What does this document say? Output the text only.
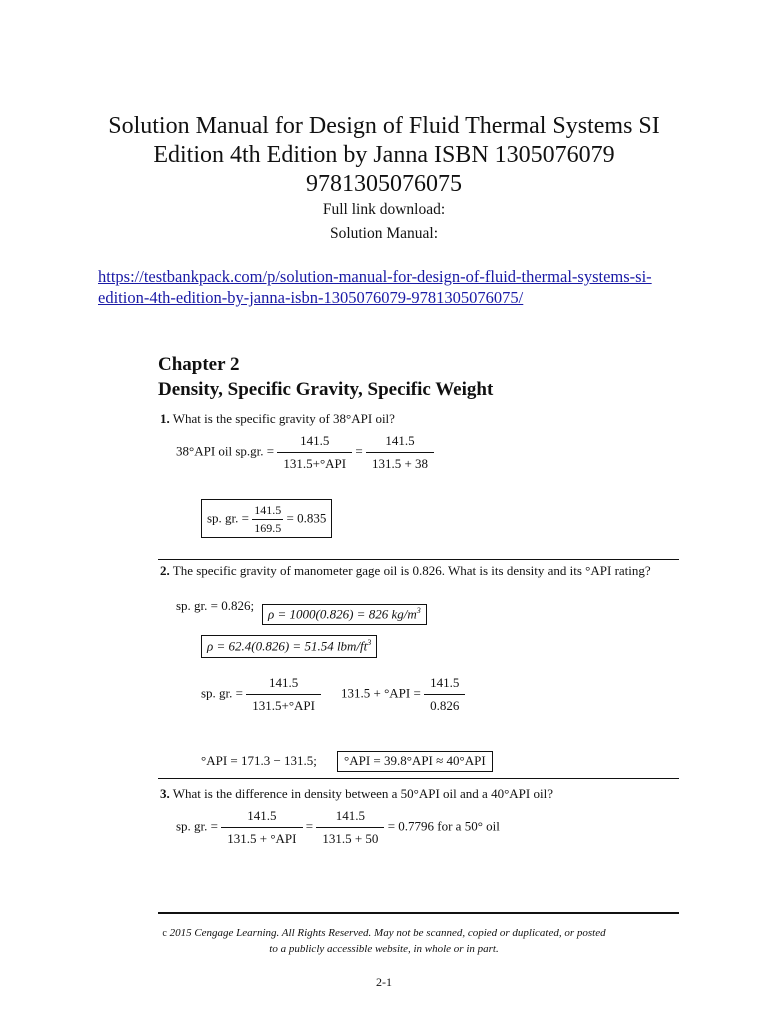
Solution Manual for Design of Fluid Thermal Systems SI
Edition 4th Edition by Janna ISBN 1305076079
9781305076075
Full link download:
Solution Manual:
https://testbankpack.com/p/solution-manual-for-design-of-fluid-thermal-systems-si-
edition-4th-edition-by-janna-isbn-1305076079-9781305076075/
Chapter 2
Density, Specific Gravity, Specific Weight
1. What is the specific gravity of 38°API oil?
38°API oil sp.gr. = $\frac{141.5}{\text{131.5+°API}} = \frac{141.5}{131.5 + 38}$
sp. gr. = $\frac{141.5}{169.5} = 0.835$
2. The specific gravity of manometer gage oil is 0.826. What is its density and its °API rating?
sp. gr. = 0.826;
ρ = 1000(0.826) = 826 $kg/m^3$
ρ = 62.4(0.826) = 51.54 lbm/$ft^3$
sp. gr. = $\frac{141.5}{\text{131.5+°API}} 131.5 + ^\circ API = \frac{141.5}{0.826}$
°API = 171.3 − 131.5;	°API = 39.8°API ≈ 40°API
3. What is the difference in density between a 50°API oil and a 40°API oil?
sp. gr. = $\frac{141.5}{\text{131.5 + °API}} = \frac{141.5}{131.5 + 50} = 0.7796$ for a 50° oil
c 2015 Cengage Learning. All Rights Reserved. May not be scanned, copied or duplicated, or posted
to a publicly accessible website, in whole or in part.
2-1
